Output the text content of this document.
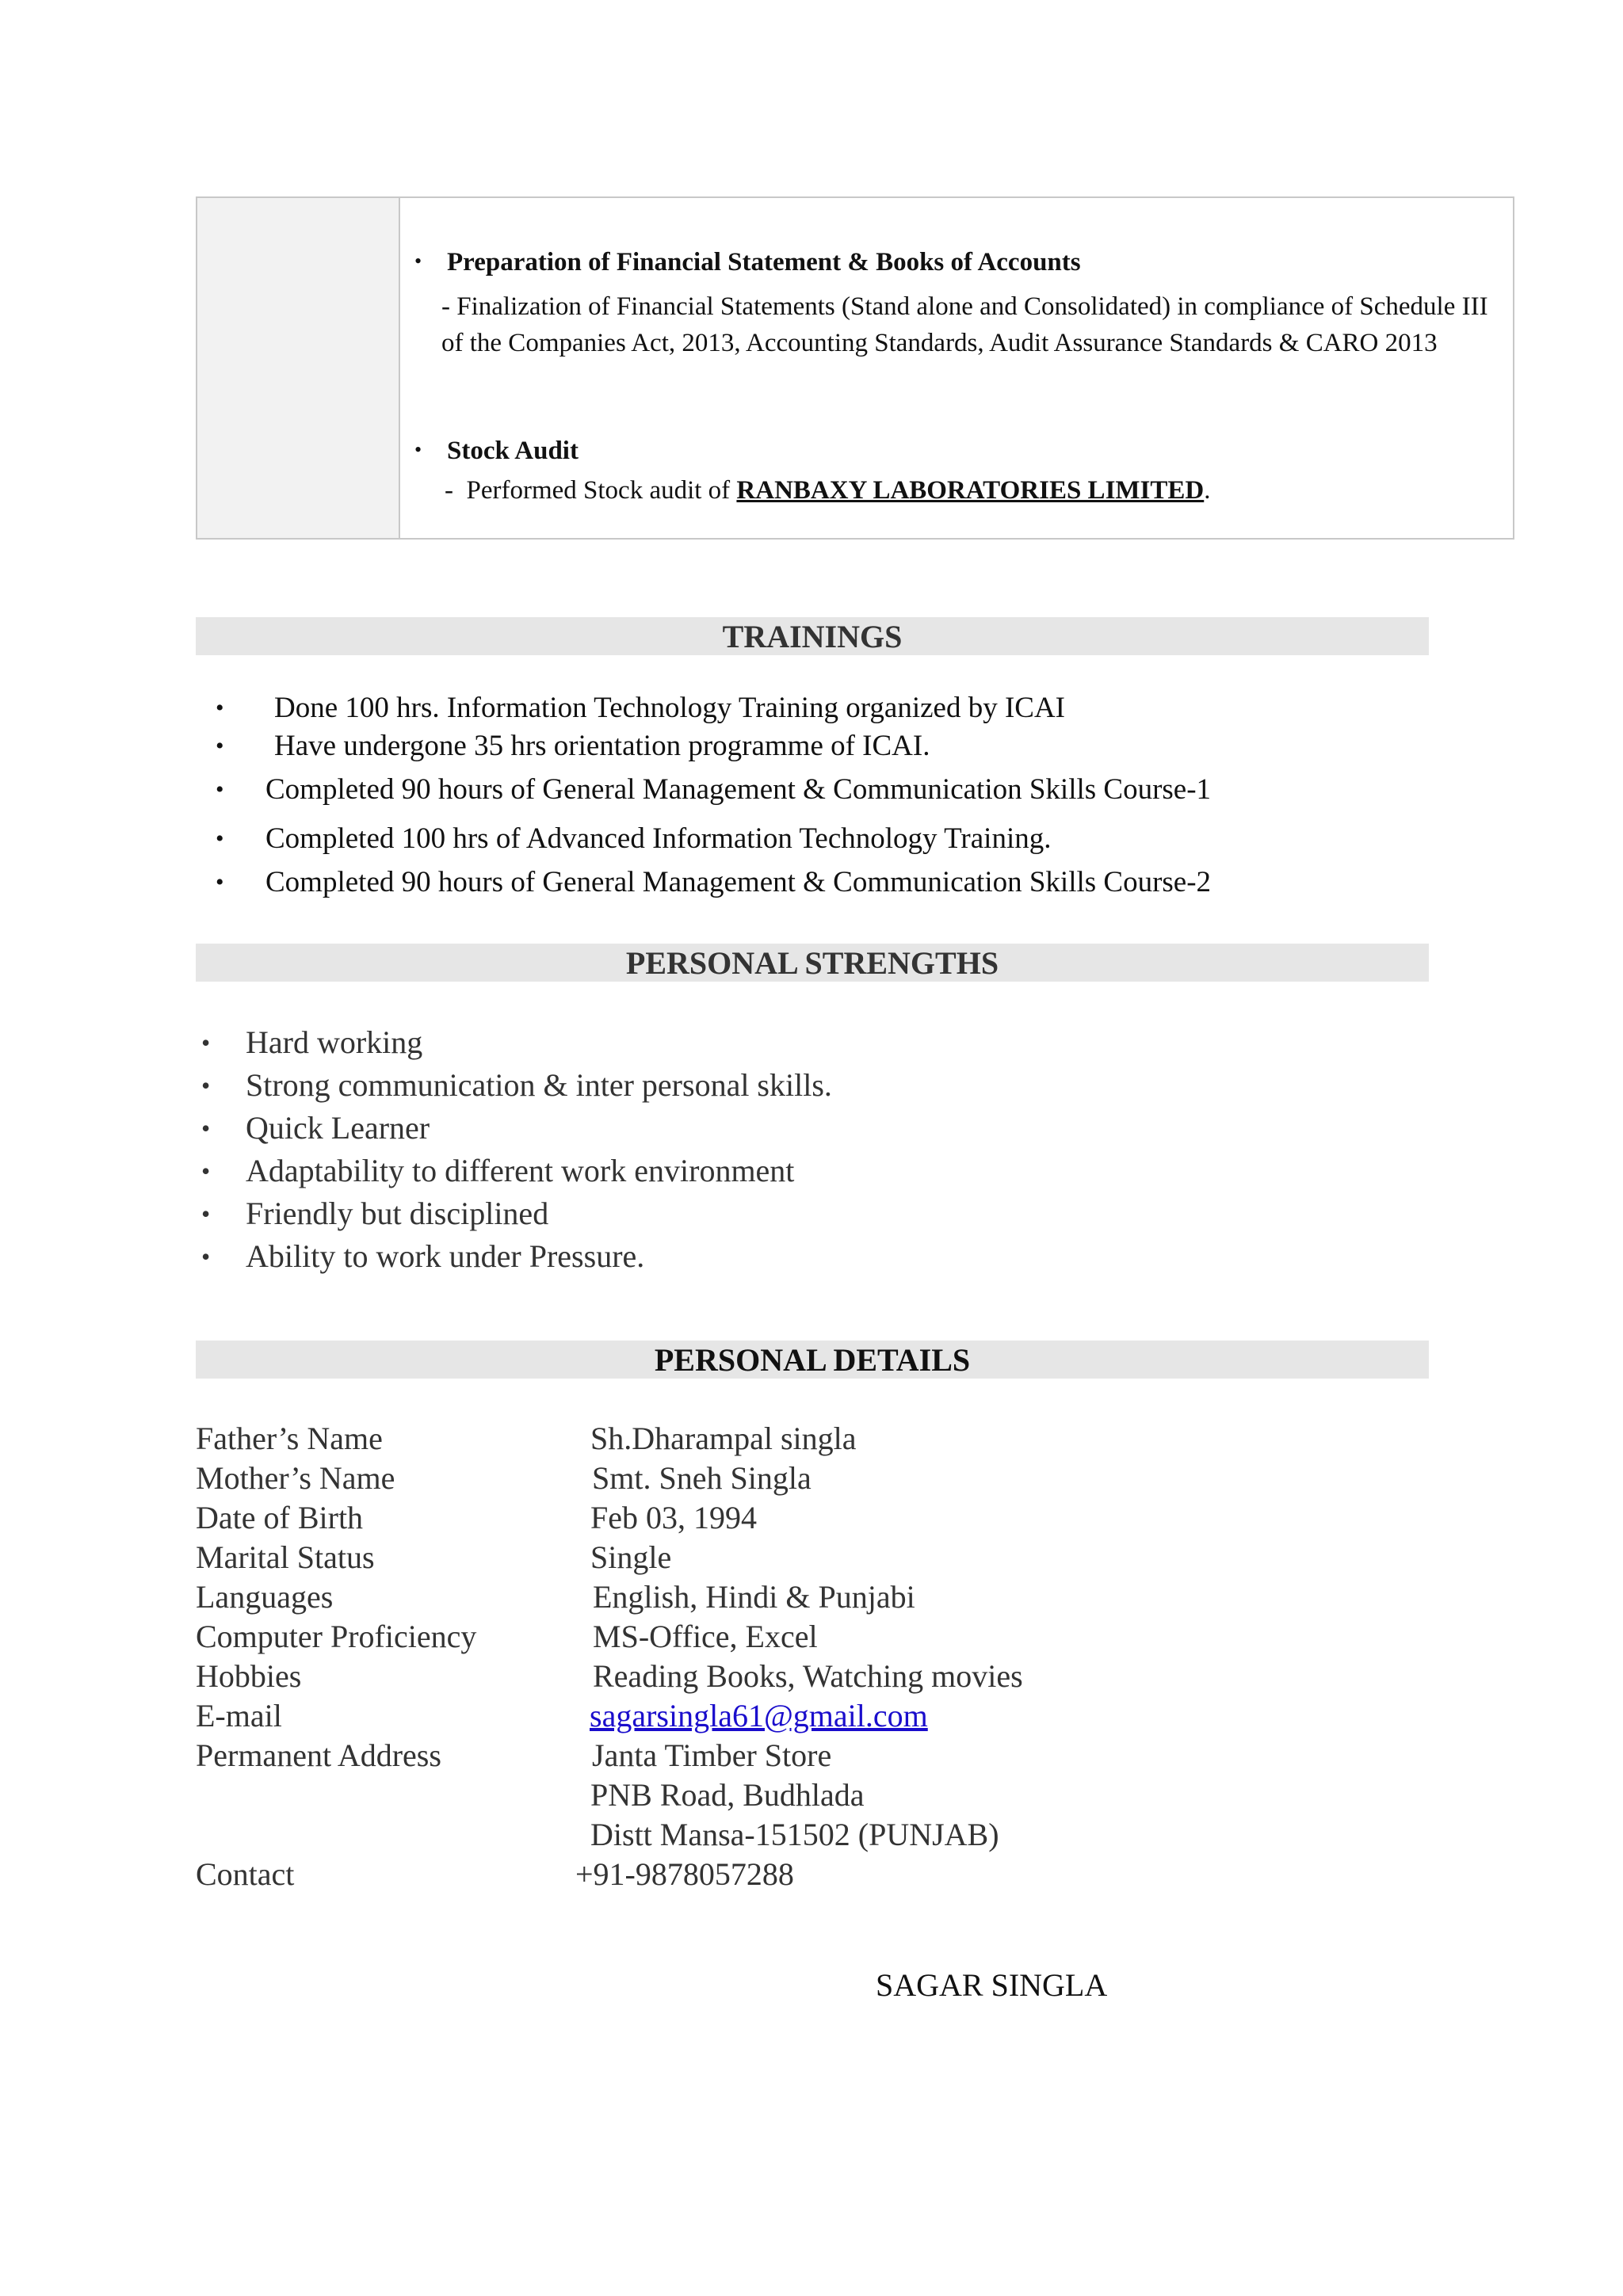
• Preparation of Financial Statement & Books of Accounts
- Finalization of Financial Statements (Stand alone and Consolidated) in compliance of Schedule III of the Companies Act, 2013, Accounting Standards, Audit Assurance Standards & CARO 2013
• Stock Audit
-  Performed Stock audit of RANBAXY LABORATORIES LIMITED.
TRAININGS
• Done 100 hrs. Information Technology Training organized by ICAI
• Have undergone 35 hrs orientation programme of ICAI.
• Completed 90 hours of General Management & Communication Skills Course-1
• Completed 100 hrs of Advanced Information Technology Training.
• Completed 90 hours of General Management & Communication Skills Course-2
PERSONAL STRENGTHS
• Hard working
• Strong communication & inter personal skills.
• Quick Learner
• Adaptability to different work environment
• Friendly but disciplined
• Ability to work under Pressure.
PERSONAL DETAILS
Father’s Name	Sh.Dharampal singla
Mother’s Name	Smt. Sneh Singla
Date of Birth	Feb 03, 1994
Marital Status	Single
Languages	English, Hindi & Punjabi
Computer Proficiency	MS-Office, Excel
Hobbies	Reading Books, Watching movies
E-mail	sagarsingla61@gmail.com
Permanent Address	Janta Timber Store
PNB Road, Budhlada
Distt Mansa-151502 (PUNJAB)
Contact	+91-9878057288
SAGAR SINGLA
